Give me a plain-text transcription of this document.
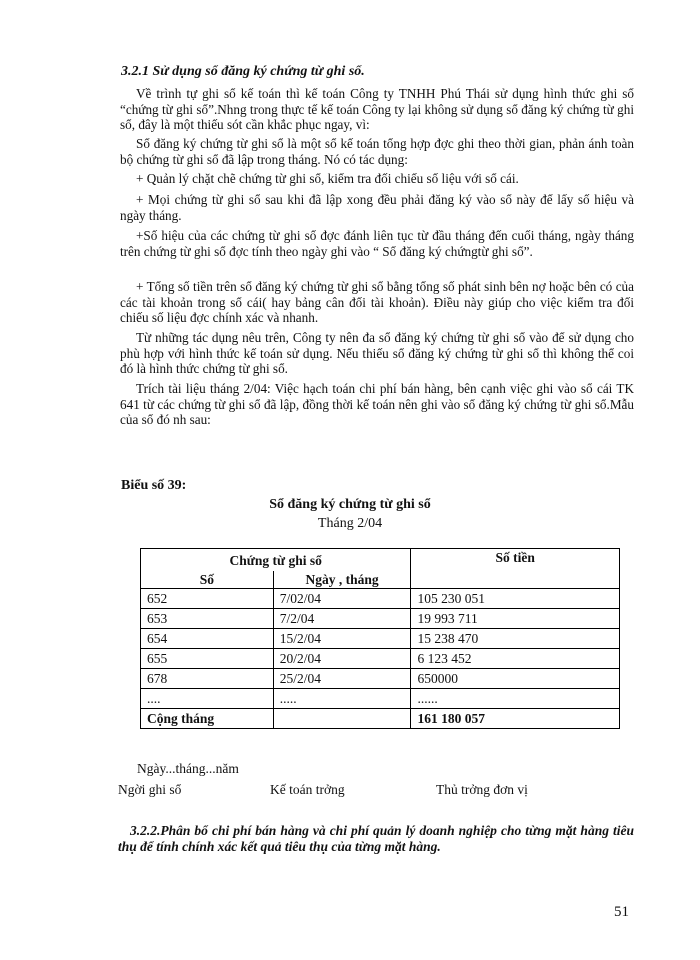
3.2.1 Sử dụng sổ đăng ký chứng từ ghi sổ.

Về trình tự ghi sổ kế toán thì kế toán Công ty TNHH Phú Thái sử dụng hình thức ghi sổ “chứng từ ghi sổ”.Nhng trong thực tế kế toán Công ty lại không sử dụng sổ đăng ký chứng từ ghi sổ, đây là một thiếu sót cần khắc phục ngay, vì:

Sổ đăng ký chứng từ ghi sổ là một sổ kế toán tổng hợp đợc ghi theo thời gian, phản ánh toàn bộ chứng từ ghi sổ đã lập trong tháng. Nó có tác dụng:

+ Quản lý chặt chẽ chứng từ ghi sổ, kiểm tra đối chiếu số liệu với sổ cái.

+ Mọi chứng từ ghi sổ sau khi đã lập xong đều phải đăng ký vào sổ này để lấy số hiệu và ngày tháng.

+Số hiệu của các chứng từ ghi sổ đợc đánh liên tục từ đầu tháng đến cuối tháng, ngày tháng trên chứng từ ghi sổ đợc tính theo ngày ghi vào “ Sổ đăng ký chứngtừ ghi sổ”.

+ Tổng số tiền trên sổ đăng ký chứng từ ghi sổ bằng tổng số phát sinh bên nợ hoặc bên có của các tài khoản trong sổ cái( hay bảng cân đối tài khoản). Điều này giúp cho việc kiểm tra đối chiếu số liệu đợc chính xác và nhanh.

Từ những tác dụng nêu trên, Công ty nên đa sổ đăng ký chứng từ ghi sổ vào để sử dụng cho phù hợp với hình thức kế toán sử dụng. Nếu thiếu sổ đăng ký chứng từ ghi sổ thì không thể coi đó là hình thức chứng từ ghi sổ.

Trích tài liệu tháng 2/04: Việc hạch toán chi phí bán hàng, bên cạnh việc ghi vào sổ cái TK 641 từ các chứng từ ghi sổ đã lập, đồng thời kế toán nên ghi vào sổ đăng ký chứng từ ghi sổ.Mẫu của sổ đó nh sau:

Biểu số 39:
Sổ đăng ký chứng từ ghi sổ
Tháng 2/04
Chứng từ ghi sổ		Số tiền
Số	Ngày , tháng	
652	7/02/04	105 230 051
653	7/2/04	19 993 711
654	15/2/04	15 238 470
655	20/2/04	6 123 452
678	25/2/04	650000
....	.....	......
Cộng tháng		161 180 057
Ngày...tháng...năm
Ngời ghi sổ	Kế toán trởng	Thủ trởng đơn vị

3.2.2.Phân bổ chi phí bán hàng và chi phí quản lý doanh nghiệp cho từng mặt hàng tiêu thụ để tính chính xác kết quả tiêu thụ của từng mặt hàng.

51
